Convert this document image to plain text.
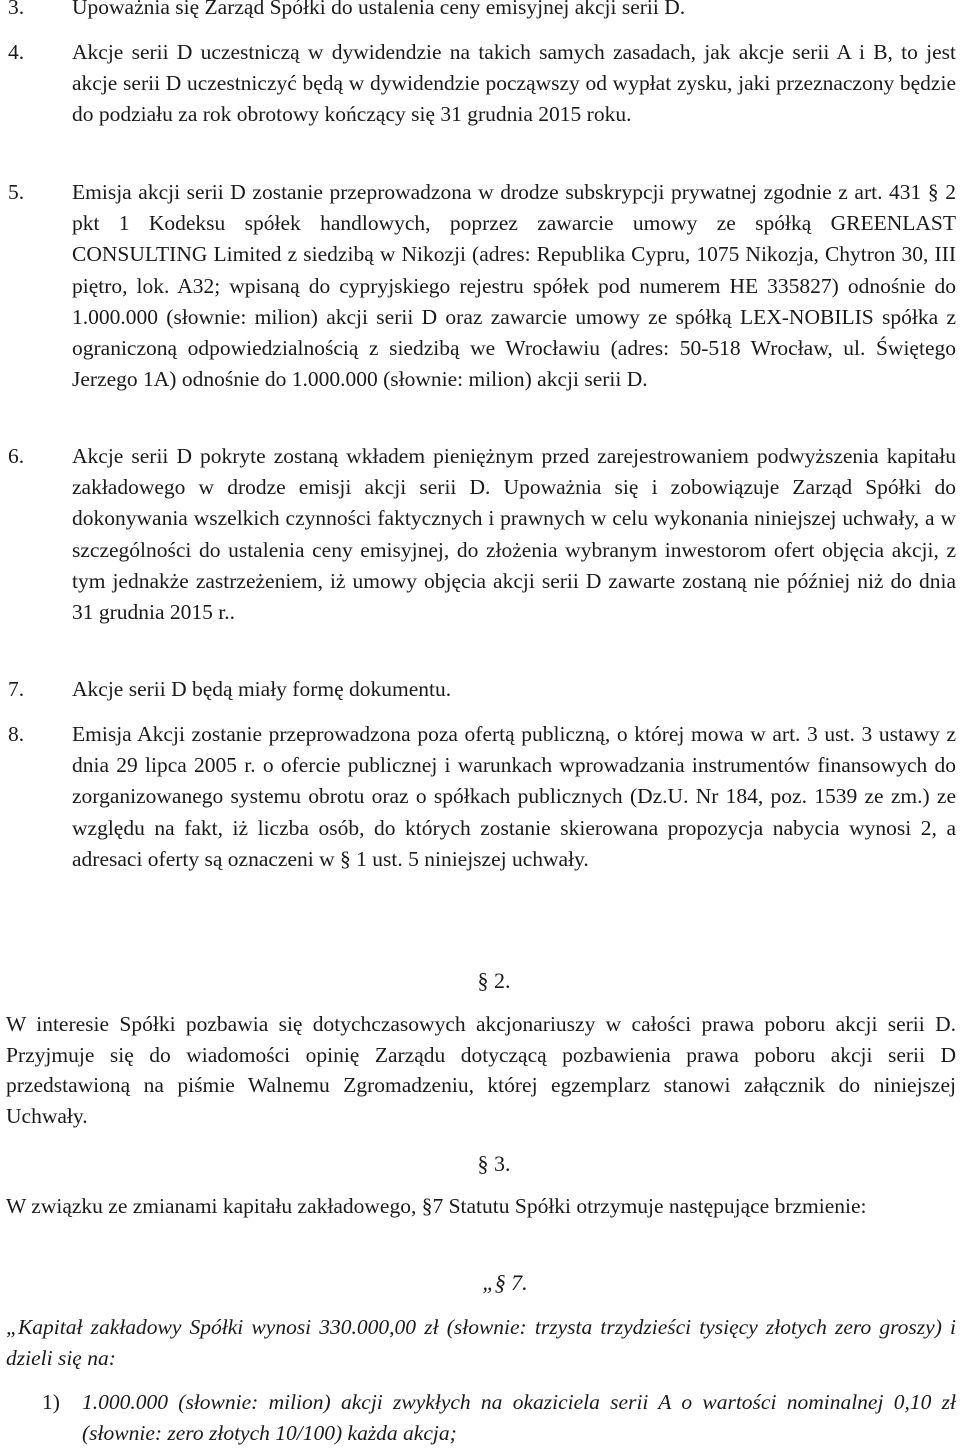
3. Upoważnia się Zarząd Spółki do ustalenia ceny emisyjnej akcji serii D.
4. Akcje serii D uczestniczą w dywidendzie na takich samych zasadach, jak akcje serii A i B, to jest akcje serii D uczestniczyć będą w dywidendzie począwszy od wypłat zysku, jaki przeznaczony będzie do podziału za rok obrotowy kończący się 31 grudnia 2015 roku.
5. Emisja akcji serii D zostanie przeprowadzona w drodze subskrypcji prywatnej zgodnie z art. 431 § 2 pkt 1 Kodeksu spółek handlowych, poprzez zawarcie umowy ze spółką GREENLAST CONSULTING Limited z siedzibą w Nikozji (adres: Republika Cypru, 1075 Nikozja, Chytron 30, III piętro, lok. A32; wpisaną do cypryjskiego rejestru spółek pod numerem HE 335827) odnośnie do 1.000.000 (słownie: milion) akcji serii D oraz zawarcie umowy ze spółką LEX-NOBILIS spółka z ograniczoną odpowiedzialnością z siedzibą we Wrocławiu (adres: 50-518 Wrocław, ul. Świętego Jerzego 1A) odnośnie do 1.000.000 (słownie: milion) akcji serii D.
6. Akcje serii D pokryte zostaną wkładem pieniężnym przed zarejestrowaniem podwyższenia kapitału zakładowego w drodze emisji akcji serii D. Upoważnia się i zobowiązuje Zarząd Spółki do dokonywania wszelkich czynności faktycznych i prawnych w celu wykonania niniejszej uchwały, a w szczególności do ustalenia ceny emisyjnej, do złożenia wybranym inwestorom ofert objęcia akcji, z tym jednakże zastrzeżeniem, iż umowy objęcia akcji serii D zawarte zostaną nie później niż do dnia 31 grudnia 2015 r..
7. Akcje serii D będą miały formę dokumentu.
8. Emisja Akcji zostanie przeprowadzona poza ofertą publiczną, o której mowa w art. 3 ust. 3 ustawy z dnia 29 lipca 2005 r. o ofercie publicznej i warunkach wprowadzania instrumentów finansowych do zorganizowanego systemu obrotu oraz o spółkach publicznych (Dz.U. Nr 184, poz. 1539 ze zm.) ze względu na fakt, iż liczba osób, do których zostanie skierowana propozycja nabycia wynosi 2, a adresaci oferty są oznaczeni w § 1 ust. 5 niniejszej uchwały.
§ 2.
W interesie Spółki pozbawia się dotychczasowych akcjonariuszy w całości prawa poboru akcji serii D. Przyjmuje się do wiadomości opinię Zarządu dotyczącą pozbawienia prawa poboru akcji serii D przedstawioną na piśmie Walnemu Zgromadzeniu, której egzemplarz stanowi załącznik do niniejszej Uchwały.
§ 3.
W związku ze zmianami kapitału zakładowego, §7 Statutu Spółki otrzymuje następujące brzmienie:
„§ 7.
„Kapitał zakładowy Spółki wynosi 330.000,00 zł (słownie: trzysta trzydzieści tysięcy złotych zero groszy) i dzieli się na:
1) 1.000.000 (słownie: milion) akcji zwykłych na okaziciela serii A o wartości nominalnej 0,10 zł (słownie: zero złotych 10/100) każda akcja;
